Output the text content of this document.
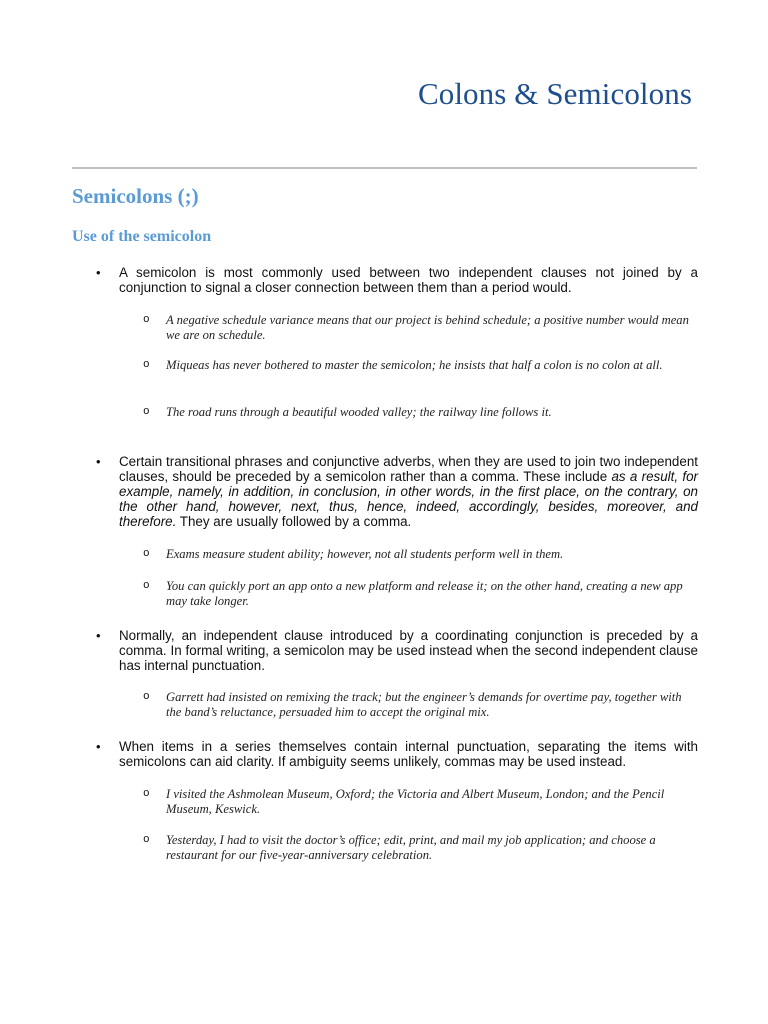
Colons & Semicolons
Semicolons (;)
Use of the semicolon
•	A semicolon is most commonly used between two independent clauses not joined by a conjunction to signal a closer connection between them than a period would.

o A negative schedule variance means that our project is behind schedule; a positive number would mean we are on schedule.

o Miqueas has never bothered to master the semicolon; he insists that half a colon is no colon at all.

o The road runs through a beautiful wooded valley; the railway line follows it.

•	Certain transitional phrases and conjunctive adverbs, when they are used to join two independent clauses, should be preceded by a semicolon rather than a comma. These include as a result, for example, namely, in addition, in conclusion, in other words, in the first place, on the contrary, on the other hand, however, next, thus, hence, indeed, accordingly, besides, moreover, and therefore. They are usually followed by a comma.

o Exams measure student ability; however, not all students perform well in them.

o You can quickly port an app onto a new platform and release it; on the other hand, creating a new app may take longer.

•	Normally, an independent clause introduced by a coordinating conjunction is preceded by a comma. In formal writing, a semicolon may be used instead when the second independent clause has internal punctuation.

o Garrett had insisted on remixing the track; but the engineer’s demands for overtime pay, together with the band’s reluctance, persuaded him to accept the original mix.

•	When items in a series themselves contain internal punctuation, separating the items with semicolons can aid clarity. If ambiguity seems unlikely, commas may be used instead.

o I visited the Ashmolean Museum, Oxford; the Victoria and Albert Museum, London; and the Pencil Museum, Keswick.

o Yesterday, I had to visit the doctor’s office; edit, print, and mail my job application; and choose a restaurant for our five-year-anniversary celebration.
